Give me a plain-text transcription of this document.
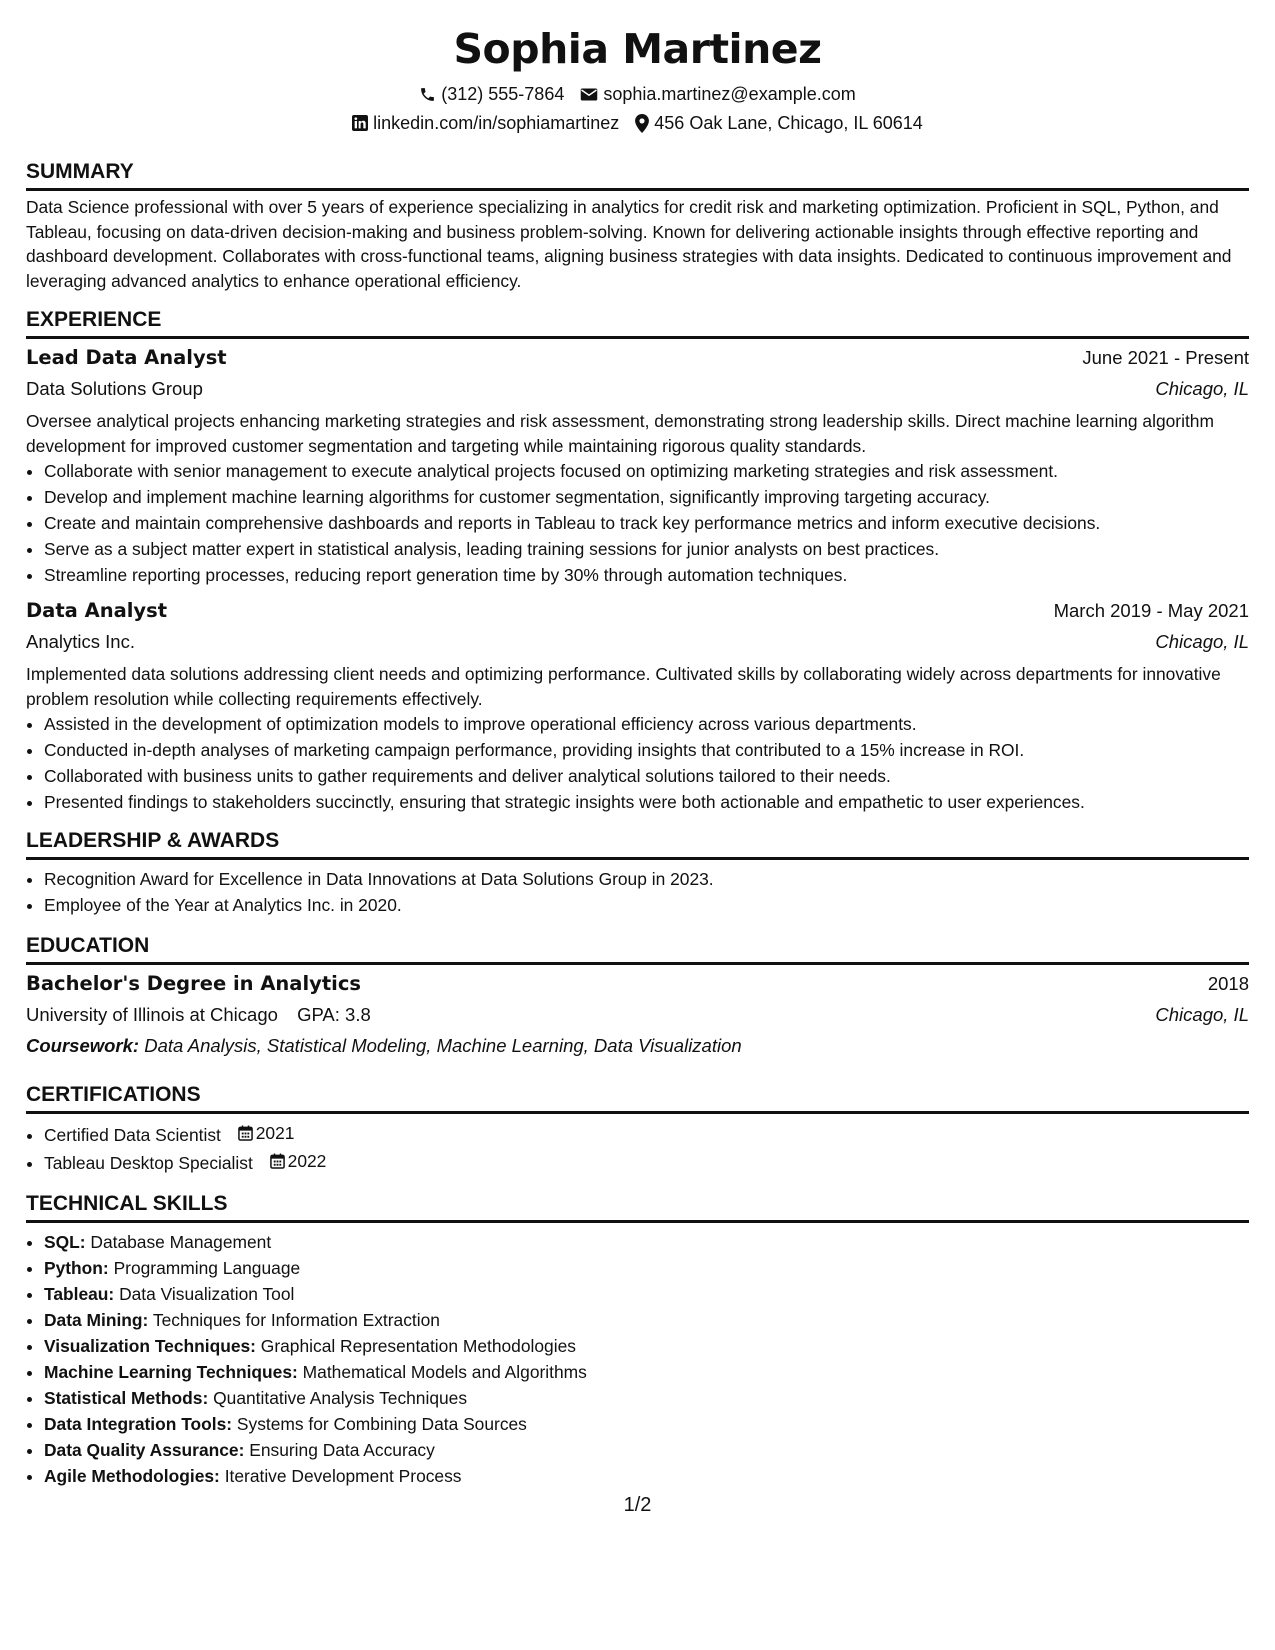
Sophia Martinez
(312) 555-7864 sophia.martinez@example.com
linkedin.com/in/sophiamartinez 456 Oak Lane, Chicago, IL 60614
SUMMARY
Data Science professional with over 5 years of experience specializing in analytics for credit risk and marketing optimization. Proficient in SQL, Python, and Tableau, focusing on data-driven decision-making and business problem-solving. Known for delivering actionable insights through effective reporting and dashboard development. Collaborates with cross-functional teams, aligning business strategies with data insights. Dedicated to continuous improvement and leveraging advanced analytics to enhance operational efficiency.
EXPERIENCE
Lead Data Analyst	June 2021 - Present
Data Solutions Group	Chicago, IL
Oversee analytical projects enhancing marketing strategies and risk assessment, demonstrating strong leadership skills. Direct machine learning algorithm development for improved customer segmentation and targeting while maintaining rigorous quality standards.
• Collaborate with senior management to execute analytical projects focused on optimizing marketing strategies and risk assessment.
• Develop and implement machine learning algorithms for customer segmentation, significantly improving targeting accuracy.
• Create and maintain comprehensive dashboards and reports in Tableau to track key performance metrics and inform executive decisions.
• Serve as a subject matter expert in statistical analysis, leading training sessions for junior analysts on best practices.
• Streamline reporting processes, reducing report generation time by 30% through automation techniques.
Data Analyst	March 2019 - May 2021
Analytics Inc.	Chicago, IL
Implemented data solutions addressing client needs and optimizing performance. Cultivated skills by collaborating widely across departments for innovative problem resolution while collecting requirements effectively.
• Assisted in the development of optimization models to improve operational efficiency across various departments.
• Conducted in-depth analyses of marketing campaign performance, providing insights that contributed to a 15% increase in ROI.
• Collaborated with business units to gather requirements and deliver analytical solutions tailored to their needs.
• Presented findings to stakeholders succinctly, ensuring that strategic insights were both actionable and empathetic to user experiences.
LEADERSHIP & AWARDS
• Recognition Award for Excellence in Data Innovations at Data Solutions Group in 2023.
• Employee of the Year at Analytics Inc. in 2020.
EDUCATION
Bachelor's Degree in Analytics	2018
University of Illinois at Chicago GPA: 3.8	Chicago, IL
Coursework: Data Analysis, Statistical Modeling, Machine Learning, Data Visualization
CERTIFICATIONS
• Certified Data Scientist 2021
• Tableau Desktop Specialist 2022
TECHNICAL SKILLS
• SQL: Database Management
• Python: Programming Language
• Tableau: Data Visualization Tool
• Data Mining: Techniques for Information Extraction
• Visualization Techniques: Graphical Representation Methodologies
• Machine Learning Techniques: Mathematical Models and Algorithms
• Statistical Methods: Quantitative Analysis Techniques
• Data Integration Tools: Systems for Combining Data Sources
• Data Quality Assurance: Ensuring Data Accuracy
• Agile Methodologies: Iterative Development Process
1/2
